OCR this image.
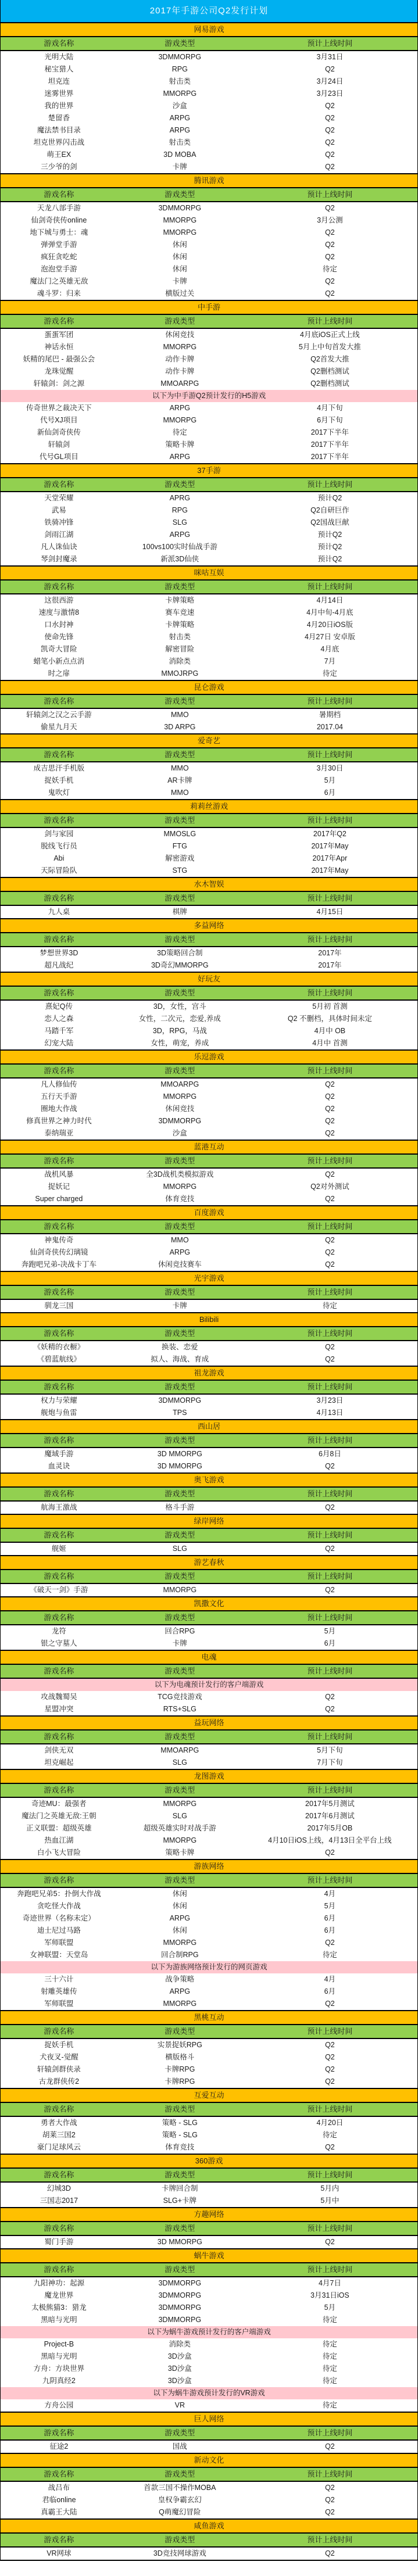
2017年手游公司Q2发行计划
网易游戏
游戏名称	游戏类型	预计上线时间
光明大陆	3DMMORPG	3月31日
秘宝猎人	RPG	Q2
坦克连	射击类	3月24日
迷雾世界	MMORPG	3月23日
我的世界	沙盒	Q2
楚留香	ARPG	Q2
魔法禁书目录	ARPG	Q2
坦克世界闪击战	射击类	Q2
萌王EX	3D MOBA	Q2
三少爷的剑	卡牌	Q2
腾讯游戏
游戏名称	游戏类型	预计上线时间
天龙八部手游	3DMMORPG	Q2
仙剑奇侠传online	MMORPG	3月公测
地下城与勇士：魂	MMORPG	Q2
弹弹堂手游	休闲	Q2
疯狂贪吃蛇	休闲	Q2
泡泡堂手游	休闲	待定
魔法门之英雄无敌	卡牌	Q2
魂斗罗：归来	横版过关	Q2
中手游
游戏名称	游戏类型	预计上线时间
蛋蛋军团	休闲竞技	4月底iOS正式上线
神话永恒	MMORPG	5月上中旬首发大推
妖精的尾巴 - 最强公会	动作卡牌	Q2首发大推
龙珠觉醒	动作卡牌	Q2删档测试
轩辕剑：剑之源	MMOARPG	Q2删档测试
以下为中手游Q2预计发行的H5游戏
传奇世界之裁决天下	ARPG	4月下旬
代号XJ项目	MMORPG	6月下旬
新仙剑奇侠传	待定	2017下半年
轩辕剑	策略卡牌	2017下半年
代号GL项目	ARPG	2017下半年
37手游
游戏名称	游戏类型	预计上线时间
天堂荣耀	APRG	预计Q2
武易	RPG	Q2自研巨作
铁骑冲锋	SLG	Q2国战巨献
剑雨江湖	ARPG	预计Q2
凡人诛仙诀	100vs100实时仙战手游	预计Q2
琴剑封魔录	新派3D仙侠	预计Q2
咪咕互娱
游戏名称	游戏类型	预计上线时间
这很西游	卡牌策略	4月14日
速度与激情8	赛车竞速	4月中旬-4月底
口水封神	卡牌策略	4月20日iOS版
使命先锋	射击类	4月27日 安卓版
凯奇大冒险	解密冒险	4月底
蜡笔小新点点消	消除类	7月
时之扉	MMOJRPG	待定
昆仑游戏
游戏名称	游戏类型	预计上线时间
轩辕剑之汉之云手游	MMO	暑期档
偷星九月天	3D ARPG	2017.04
爱奇艺
游戏名称	游戏类型	预计上线时间
成吉思汗手机版	MMO	3月30日
捉妖手机	AR卡牌	5月
鬼吹灯	MMO	6月
莉莉丝游戏
游戏名称	游戏类型	预计上线时间
剑与家园	MMOSLG	2017年Q2
脱线飞行员	FTG	2017年May
Abi	解密游戏	2017年Apr
天际冒险队	STG	2017年May
水木智娱
游戏名称	游戏类型	预计上线时间
九人桌	棋牌	4月15日
多益网络
游戏名称	游戏类型	预计上线时间
梦想世界3D	3D策略回合制	2017年
超凡战纪	3D奇幻MMORPG	2017年
好玩友
游戏名称	游戏类型	预计上线时间
熹妃Q传	3D，女性，宫斗	5月初 首测
恋人之森	女性，二次元，恋爱,养成	Q2 不删档，具体时间未定
马踏千军	3D，RPG，马战	4月中 OB
幻宠大陆	女性，萌宠，养成	4月中 首测
乐逗游戏
游戏名称	游戏类型	预计上线时间
凡人修仙传	MMOARPG	Q2
五行天手游	MMORPG	Q2
圈地大作战	休闲竞技	Q2
修真世界之神力时代	3DMMORPG	Q2
泰纳瑞亚	沙盒	Q2
蓝港互动
游戏名称	游戏类型	预计上线时间
战机风暴	全3D战机类模拟游戏	Q2
捉妖记	MMORPG	Q2对外测试
Super charged	体育竞技	Q2
百度游戏
游戏名称	游戏类型	预计上线时间
神鬼传奇	MMO	Q2
仙剑奇侠传幻璃镜	ARPG	Q2
奔跑吧兄弟-决战卡丁车	休闲竞技赛车	Q2
光宇游戏
游戏名称	游戏类型	预计上线时间
驯龙三国	卡牌	待定
Bilibili
游戏名称	游戏类型	预计上线时间
《妖精的衣橱》	换装、恋爱	Q2
《碧蓝航线》	拟人、海战、育成	Q2
祖龙游戏
游戏名称	游戏类型	预计上线时间
权力与荣耀	3DMMORPG	3月23日
舰炮与鱼雷	TPS	4月13日
西山居
游戏名称	游戏类型	预计上线时间
魔域手游	3D MMORPG	6月8日
血灵诀	3D MMORPG	Q2
奥飞游戏
游戏名称	游戏类型	预计上线时间
航海王激战	格斗手游	Q2
绿岸网络
游戏名称	游戏类型	预计上线时间
舰姬	SLG	Q2
游艺春秋
游戏名称	游戏类型	预计上线时间
《破天一剑》手游	MMORPG	Q2
凯撒文化
游戏名称	游戏类型	预计上线时间
龙符	回合RPG	5月
银之守墓人	卡牌	6月
电魂
游戏名称	游戏类型	预计上线时间
以下为电魂预计发行的客户端游戏
攻战魏蜀吴	TCG竞技游戏	Q2
星盟冲突	RTS+SLG	Q2
益玩网络
游戏名称	游戏类型	预计上线时间
剑侠无双	MMOARPG	5月下旬
坦克崛起	SLG	7月下旬
龙图游戏
游戏名称	游戏类型	预计上线时间
奇迹MU：最强者	MMORPG	2017年5月测试
魔法门之英雄无敌:王朝	SLG	2017年6月测试
正义联盟：超级英雄	超级英雄实时对战手游	2017年5月OB
热血江湖	MMORPG	4月10日iOS上线，4月13日全平台上线
白小飞大冒险	策略卡牌	Q2
游族网络
游戏名称	游戏类型	预计上线时间
奔跑吧兄弟5：扑倒大作战	休闲	4月
贪吃怪大作战	休闲	5月
奇迹世界（名称未定）	ARPG	6月
迪士尼过马路	休闲	6月
军师联盟	MMORPG	Q2
女神联盟：天堂岛	回合制RPG	待定
以下为游族网络预计发行的网页游戏
三十六计	战争策略	4月
射雕英雄传	ARPG	6月
军师联盟	MMORPG	Q2
黑桃互动
游戏名称	游戏类型	预计上线时间
捉妖手机	实景捉妖RPG	Q2
犬夜叉-觉醒	横版格斗	Q2
轩辕剑群侠录	卡牌RPG	Q2
古龙群侠传2	卡牌RPG	Q2
互爱互动
游戏名称	游戏类型	预计上线时间
勇者大作战	策略 - SLG	4月20日
胡莱三国2	策略 - SLG	待定
豪门足球风云	体育竞技	Q2
360游戏
游戏名称	游戏类型	预计上线时间
幻城3D	卡牌回合制	5月内
三国志2017	SLG+卡牌	5月中
方趣网络
游戏名称	游戏类型	预计上线时间
蜀门手游	3D MMORPG	Q2
蜗牛游戏
游戏名称	游戏类型	预计上线时间
九阳神功：起源	3DMMORPG	4月7日
魔龙世界	3DMMORPG	3月31日iOS
太极熊猫3：猎龙	3DMMORPG	5月
黑暗与光明	3DMMORPG	待定
以下为蜗牛游戏预计发行的客户端游戏
Project-B	消除类	待定
黑暗与光明	3D沙盒	待定
方舟：方块世界	3D沙盒	待定
九阴真经2	3D沙盒	待定
以下为蜗牛游戏预计发行的VR游戏
方舟公园	VR	待定
巨人网络
游戏名称	游戏类型	预计上线时间
征途2	国战	Q2
新动文化
游戏名称	游戏类型	预计上线时间
战吕布	首款三国不操作MOBA	Q2
君临online	皇权争霸玄幻	Q2
真霸王大陆	Q萌魔幻冒险	Q2
咸鱼游戏
游戏名称	游戏类型	预计上线时间
VR网球	3D竞技网球游戏	Q2
